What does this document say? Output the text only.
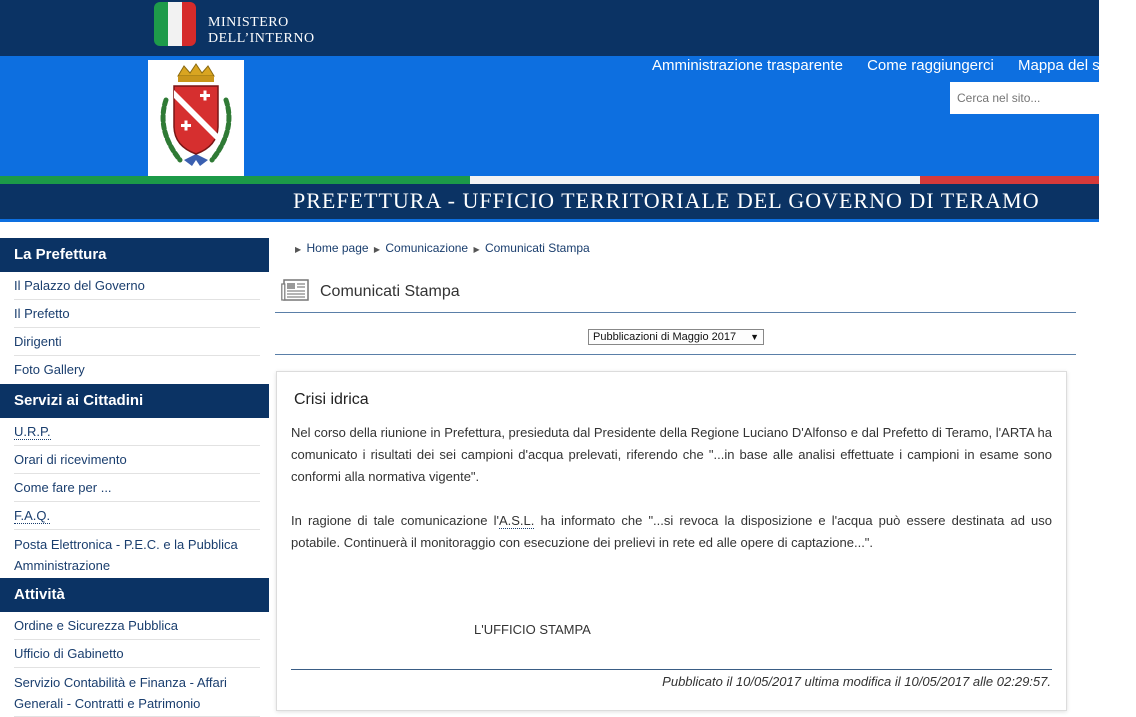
MINISTERO
DELL’INTERNO
Amministrazione trasparente Come raggiungerci Mappa del sito
Cerca nel sito...
PREFETTURA - UFFICIO TERRITORIALE DEL GOVERNO DI TERAMO
La Prefettura
Il Palazzo del Governo
Il Prefetto
Dirigenti
Foto Gallery
Servizi ai Cittadini
U.R.P.
Orari di ricevimento
Come fare per ...
F.A.Q.
Posta Elettronica - P.E.C. e la Pubblica Amministrazione
Attività
Ordine e Sicurezza Pubblica
Ufficio di Gabinetto
Servizio Contabilità e Finanza - Affari Generali - Contratti e Patrimonio
▶ Home page ▶ Comunicazione ▶ Comunicati Stampa
Comunicati Stampa
Pubblicazioni di Maggio 2017 ▼
Crisi idrica
Nel corso della riunione in Prefettura, presieduta dal Presidente della Regione Luciano D'Alfonso e dal Prefetto di Teramo, l'ARTA ha comunicato i risultati dei sei campioni d'acqua prelevati, riferendo che "...in base alle analisi effettuate i campioni in esame sono conformi alla normativa vigente".
In ragione di tale comunicazione l'A.S.L. ha informato che "...si revoca la disposizione e l'acqua può essere destinata ad uso potabile. Continuerà il monitoraggio con esecuzione dei prelievi in rete ed alle opere di captazione...".
L'UFFICIO STAMPA
Pubblicato il 10/05/2017 ultima modifica il 10/05/2017 alle 02:29:57.
